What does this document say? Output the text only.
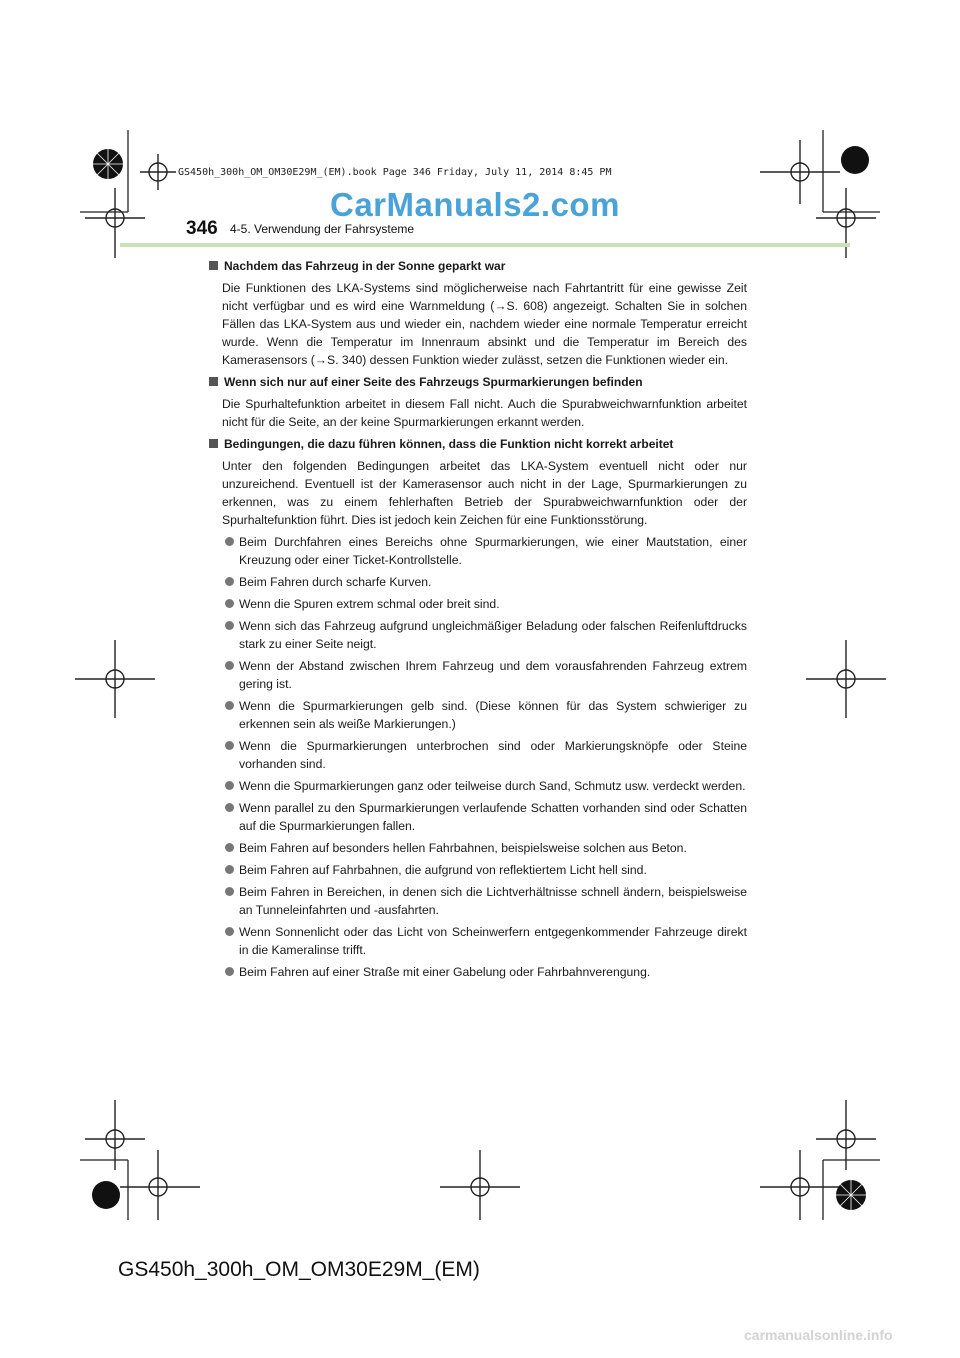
GS450h_300h_OM_OM30E29M_(EM).book Page 346 Friday, July 11, 2014 8:45 PM
CarManuals2.com
346 4-5. Verwendung der Fahrsysteme
Nachdem das Fahrzeug in der Sonne geparkt war
Die Funktionen des LKA-Systems sind möglicherweise nach Fahrtantritt für eine gewisse Zeit nicht verfügbar und es wird eine Warnmeldung (→S. 608) angezeigt. Schalten Sie in solchen Fällen das LKA-System aus und wieder ein, nachdem wieder eine normale Temperatur erreicht wurde. Wenn die Temperatur im Innenraum absinkt und die Temperatur im Bereich des Kamerasensors (→S. 340) dessen Funktion wieder zulässt, setzen die Funktionen wieder ein.
Wenn sich nur auf einer Seite des Fahrzeugs Spurmarkierungen befinden
Die Spurhaltefunktion arbeitet in diesem Fall nicht. Auch die Spurabweichwarnfunktion arbeitet nicht für die Seite, an der keine Spurmarkierungen erkannt werden.
Bedingungen, die dazu führen können, dass die Funktion nicht korrekt arbeitet
Unter den folgenden Bedingungen arbeitet das LKA-System eventuell nicht oder nur unzureichend. Eventuell ist der Kamerasensor auch nicht in der Lage, Spurmarkierungen zu erkennen, was zu einem fehlerhaften Betrieb der Spurabweichwarnfunktion oder der Spurhaltefunktion führt. Dies ist jedoch kein Zeichen für eine Funktionsstörung.
Beim Durchfahren eines Bereichs ohne Spurmarkierungen, wie einer Mautstation, einer Kreuzung oder einer Ticket-Kontrollstelle.
Beim Fahren durch scharfe Kurven.
Wenn die Spuren extrem schmal oder breit sind.
Wenn sich das Fahrzeug aufgrund ungleichmäßiger Beladung oder falschen Reifenluftdrucks stark zu einer Seite neigt.
Wenn der Abstand zwischen Ihrem Fahrzeug und dem vorausfahrenden Fahrzeug extrem gering ist.
Wenn die Spurmarkierungen gelb sind. (Diese können für das System schwieriger zu erkennen sein als weiße Markierungen.)
Wenn die Spurmarkierungen unterbrochen sind oder Markierungsknöpfe oder Steine vorhanden sind.
Wenn die Spurmarkierungen ganz oder teilweise durch Sand, Schmutz usw. verdeckt werden.
Wenn parallel zu den Spurmarkierungen verlaufende Schatten vorhanden sind oder Schatten auf die Spurmarkierungen fallen.
Beim Fahren auf besonders hellen Fahrbahnen, beispielsweise solchen aus Beton.
Beim Fahren auf Fahrbahnen, die aufgrund von reflektiertem Licht hell sind.
Beim Fahren in Bereichen, in denen sich die Lichtverhältnisse schnell ändern, beispielsweise an Tunneleinfahrten und -ausfahrten.
Wenn Sonnenlicht oder das Licht von Scheinwerfern entgegenkommender Fahrzeuge direkt in die Kameralinse trifft.
Beim Fahren auf einer Straße mit einer Gabelung oder Fahrbahnverengung.
GS450h_300h_OM_OM30E29M_(EM)
carmanualsonline.info
